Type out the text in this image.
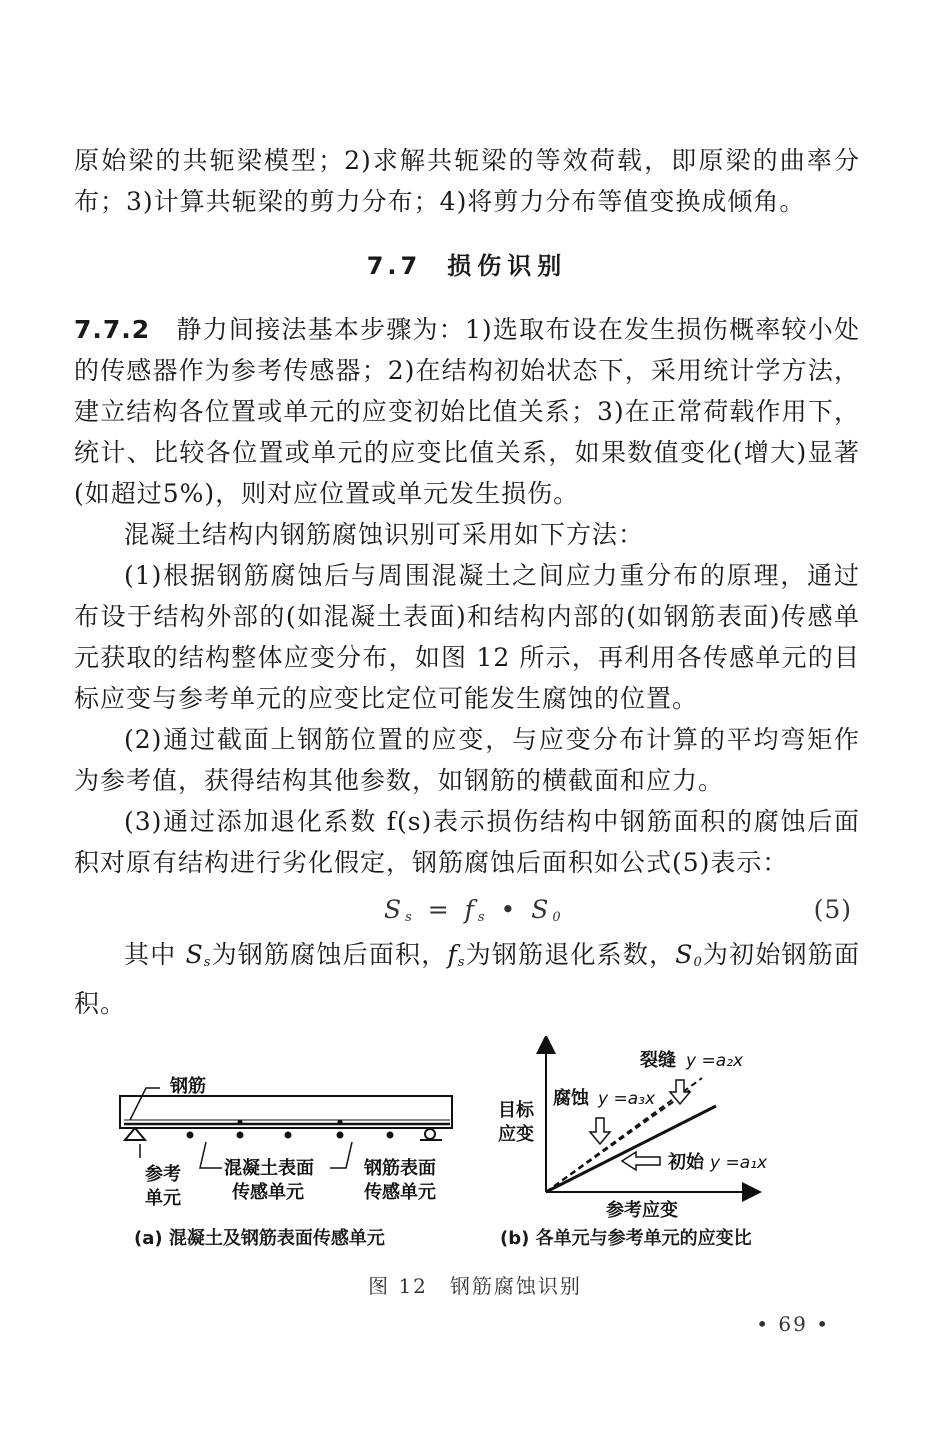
原始梁的共轭梁模型；2)求解共轭梁的等效荷载，即原梁的曲率分布；3)计算共轭梁的剪力分布；4)将剪力分布等值变换成倾角。

7.7 损伤识别

7.7.2 静力间接法基本步骤为：1)选取布设在发生损伤概率较小处的传感器作为参考传感器；2)在结构初始状态下，采用统计学方法，建立结构各位置或单元的应变初始比值关系；3)在正常荷载作用下，统计、比较各位置或单元的应变比值关系，如果数值变化(增大)显著(如超过5%)，则对应位置或单元发生损伤。

混凝土结构内钢筋腐蚀识别可采用如下方法：

(1)根据钢筋腐蚀后与周围混凝土之间应力重分布的原理，通过布设于结构外部的(如混凝土表面)和结构内部的(如钢筋表面)传感单元获取的结构整体应变分布，如图 12 所示，再利用各传感单元的目标应变与参考单元的应变比定位可能发生腐蚀的位置。

(2)通过截面上钢筋位置的应变，与应变分布计算的平均弯矩作为参考值，获得结构其他参数，如钢筋的横截面和应力。

(3)通过添加退化系数 f(s)表示损伤结构中钢筋面积的腐蚀后面积对原有结构进行劣化假定，钢筋腐蚀后面积如公式(5)表示：

$S_s = f_s$ • $S_0$	(5)

其中 $S_s$为钢筋腐蚀后面积，$f_s$为钢筋退化系数，$S_0$为初始钢筋面积。

钢筋
参考
单元
混凝土表面
传感单元
钢筋表面
传感单元
目标
应变
参考应变
裂缝 y =a₂x
腐蚀 y =a₃x
初始 y =a₁x
(a) 混凝土及钢筋表面传感单元	(b) 各单元与参考单元的应变比
图 12　钢筋腐蚀识别
• 69 •
